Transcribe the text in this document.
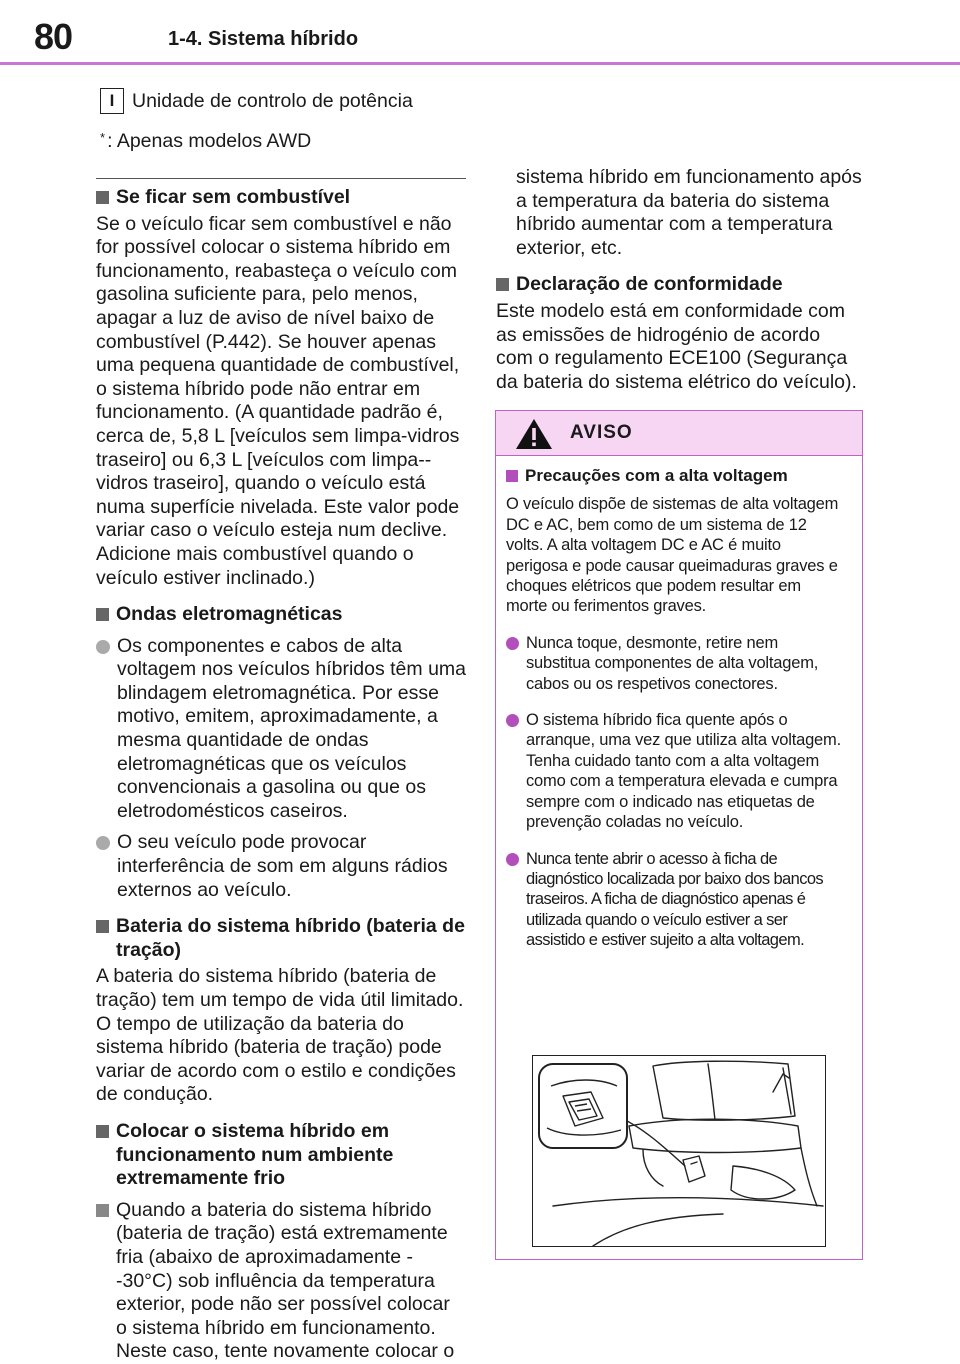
80	1-4. Sistema híbrido
I Unidade de controlo de potência
* : Apenas modelos AWD
Se ficar sem combustível

Se o veículo ficar sem combustível e não for possível colocar o sistema híbrido em funcionamento, reabasteça o veículo com gasolina suficiente para, pelo menos, apagar a luz de aviso de nível baixo de combustível (P.442). Se houver apenas uma pequena quantidade de combustível, o sistema híbrido pode não entrar em funcionamento. (A quantidade padrão é, cerca de, 5,8 L [veículos sem limpa-vidros traseiro] ou 6,3 L [veículos com limpa--vidros traseiro], quando o veículo está numa superfície nivelada. Este valor pode variar caso o veículo esteja num declive. Adicione mais combustível quando o veículo estiver inclinado.)

Ondas eletromagnéticas
Os componentes e cabos de alta voltagem nos veículos híbridos têm uma blindagem eletromagnética. Por esse motivo, emitem, aproximadamente, a mesma quantidade de ondas eletromagnéticas que os veículos convencionais a gasolina ou que os eletrodomésticos caseiros.
O seu veículo pode provocar interferência de som em alguns rádios externos ao veículo.
Bateria do sistema híbrido (bateria de tração)

A bateria do sistema híbrido (bateria de tração) tem um tempo de vida útil limitado. O tempo de utilização da bateria do sistema híbrido (bateria de tração) pode variar de acordo com o estilo e condições de condução.

Colocar o sistema híbrido em funcionamento num ambiente extremamente frio
Quando a bateria do sistema híbrido (bateria de tração) está extremamente fria (abaixo de aproximadamente --30°C) sob influência da temperatura exterior, pode não ser possível colocar o sistema híbrido em funcionamento. Neste caso, tente novamente colocar o

sistema híbrido em funcionamento após a temperatura da bateria do sistema híbrido aumentar com a temperatura exterior, etc.

Declaração de conformidade

Este modelo está em conformidade com as emissões de hidrogénio de acordo com o regulamento ECE100 (Segurança da bateria do sistema elétrico do veículo).

AVISO
Precauções com a alta voltagem

O veículo dispõe de sistemas de alta voltagem DC e AC, bem como de um sistema de 12 volts. A alta voltagem DC e AC é muito perigosa e pode causar queimaduras graves e choques elétricos que podem resultar em morte ou ferimentos graves.

Nunca toque, desmonte, retire nem substitua componentes de alta voltagem, cabos ou os respetivos conectores.
O sistema híbrido fica quente após o arranque, uma vez que utiliza alta voltagem. Tenha cuidado tanto com a alta voltagem como com a temperatura elevada e cumpra sempre com o indicado nas etiquetas de prevenção coladas no veículo.
Nunca tente abrir o acesso à ficha de diagnóstico localizada por baixo dos bancos traseiros. A ficha de diagnóstico apenas é utilizada quando o veículo estiver a ser assistido e estiver sujeito a alta voltagem.
